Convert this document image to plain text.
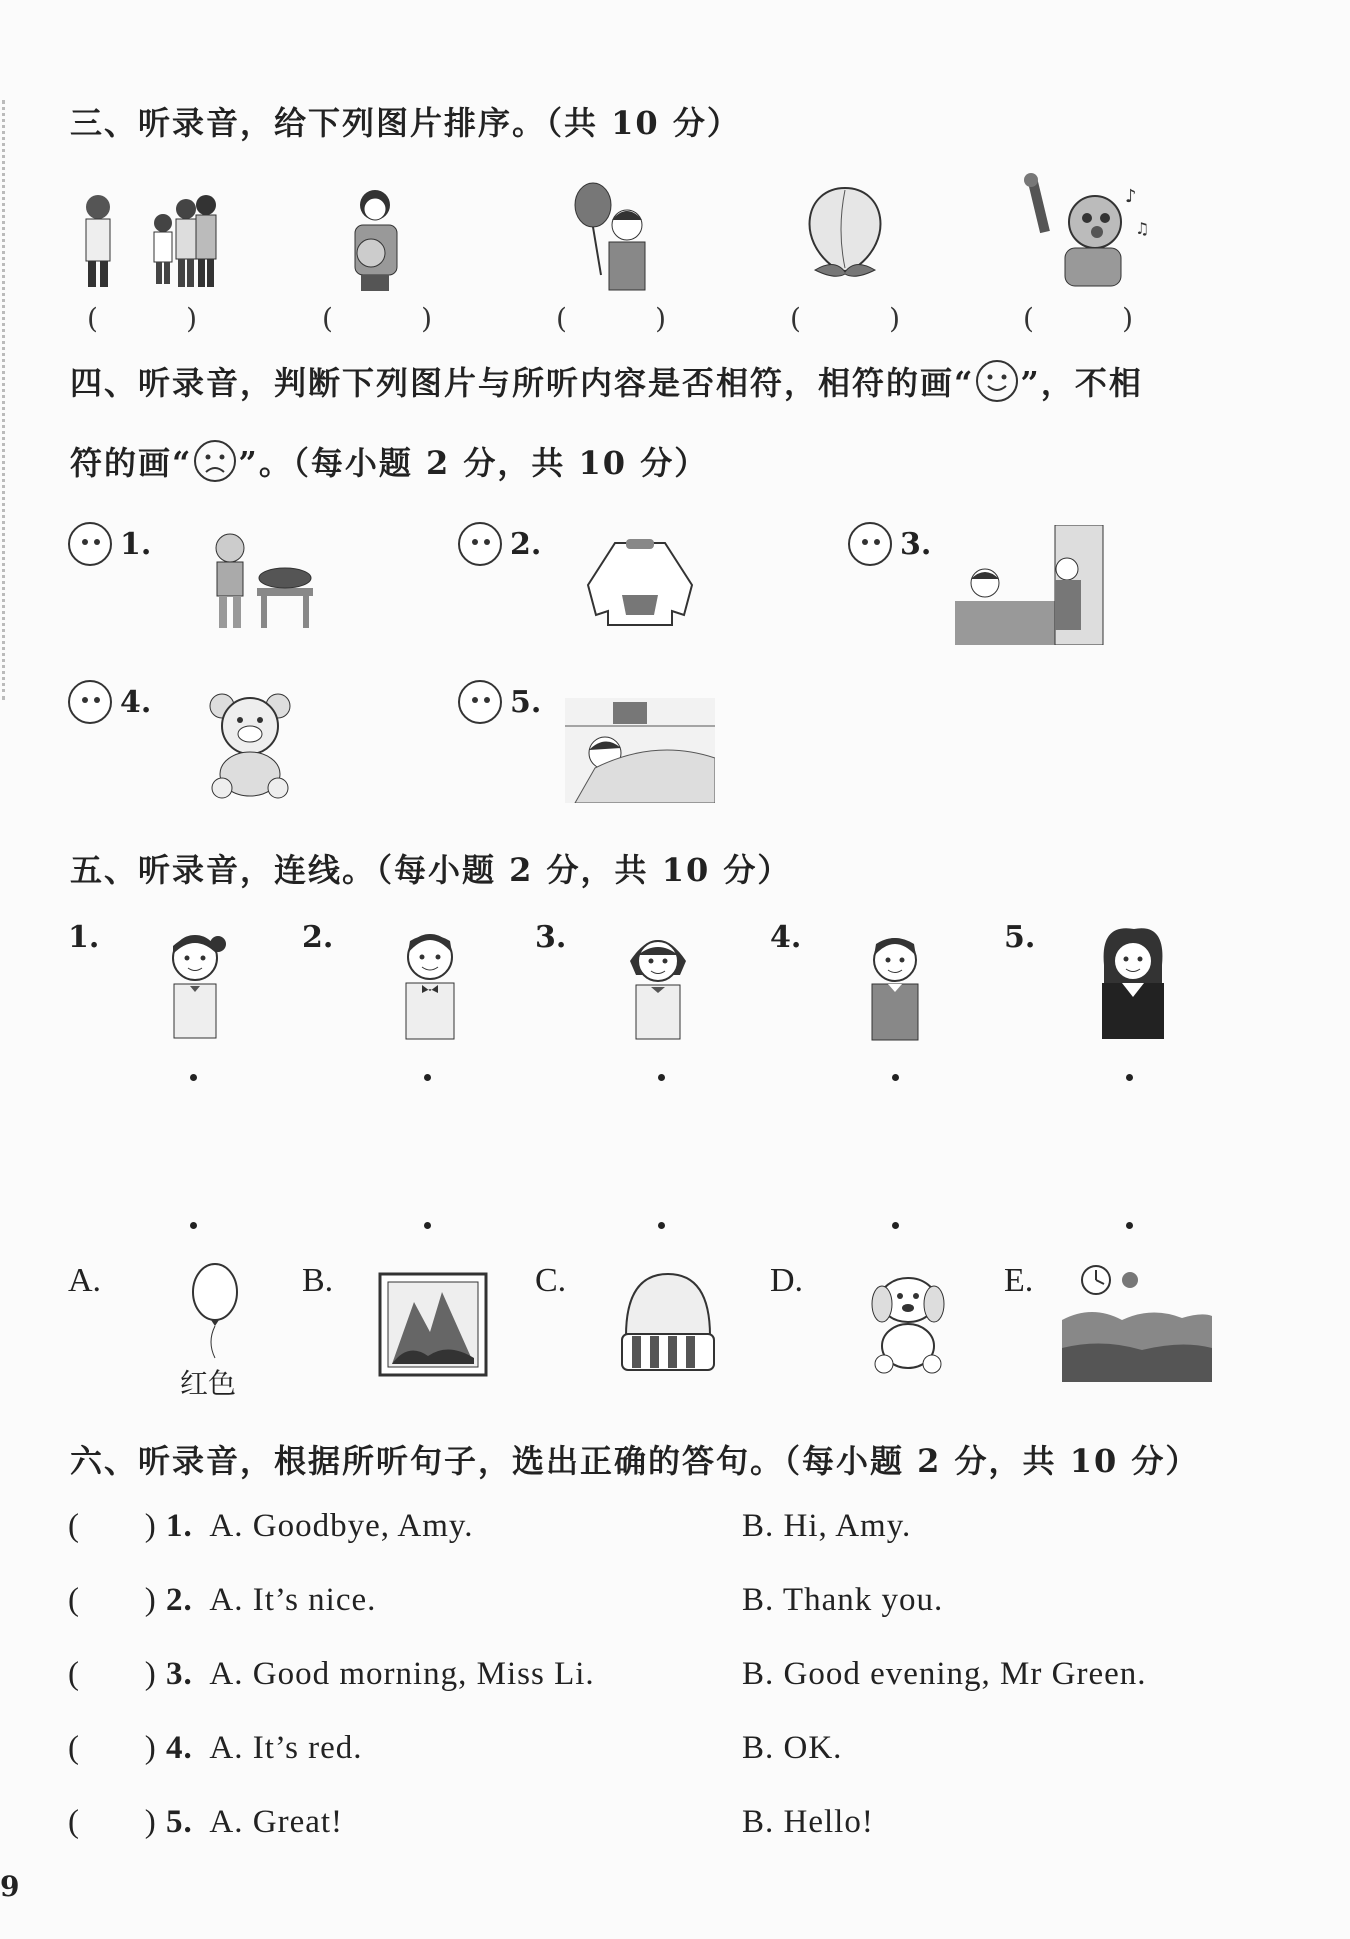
三、听录音，给下列图片排序。（共 10 分）
♪
♫
(	)	(	)	(	)	(	)	(	)
四、听录音，判断下列图片与所听内容是否相符，相符的画“ ”，不相
符的画“ ”。（每小题 2 分，共 10 分）
1.	2.	3.
4.	5.
五、听录音，连线。（每小题 2 分，共 10 分）
1.	2.	3.	4.	5.
A.	B.	C.	D.	E.
红色
六、听录音，根据所听句子，选出正确的答句。（每小题 2 分，共 10 分）
(       ) 1. A. Goodbye, Amy.	B. Hi, Amy.
(       ) 2. A. It’s nice.	B. Thank you.
(       ) 3. A. Good morning, Miss Li.	B. Good evening, Mr Green.
(       ) 4. A. It’s red.	B. OK.
(       ) 5. A. Great!	B. Hello!
9
